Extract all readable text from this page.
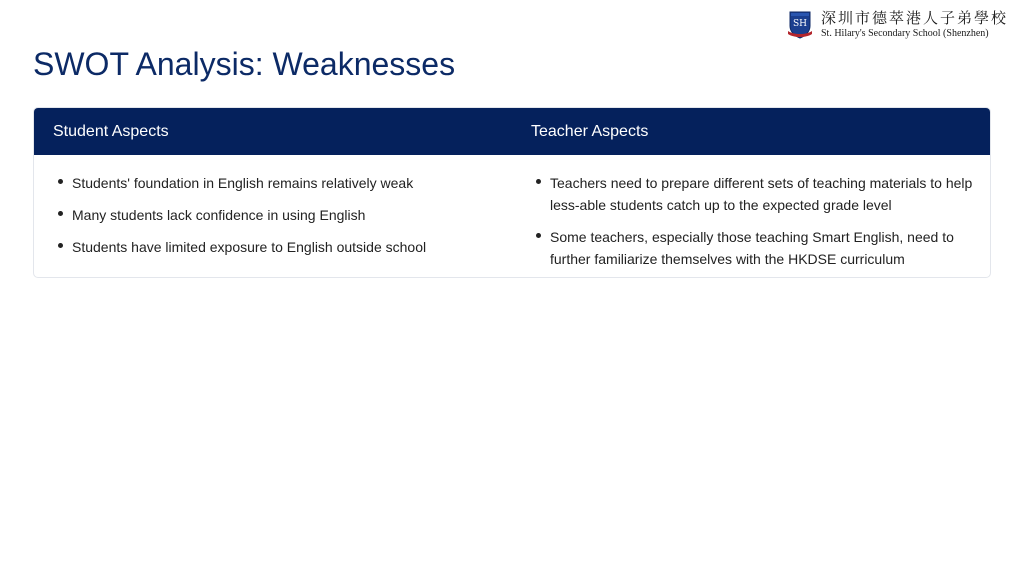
SH 深圳市德萃港人子弟學校
St. Hilary's Secondary School (Shenzhen)
SWOT Analysis: Weaknesses
Student Aspects	Teacher Aspects
Students' foundation in English remains relatively weak
Many students lack confidence in using English
Students have limited exposure to English outside school
Teachers need to prepare different sets of teaching materials to help less-able students catch up to the expected grade level
Some teachers, especially those teaching Smart English, need to further familiarize themselves with the HKDSE curriculum
